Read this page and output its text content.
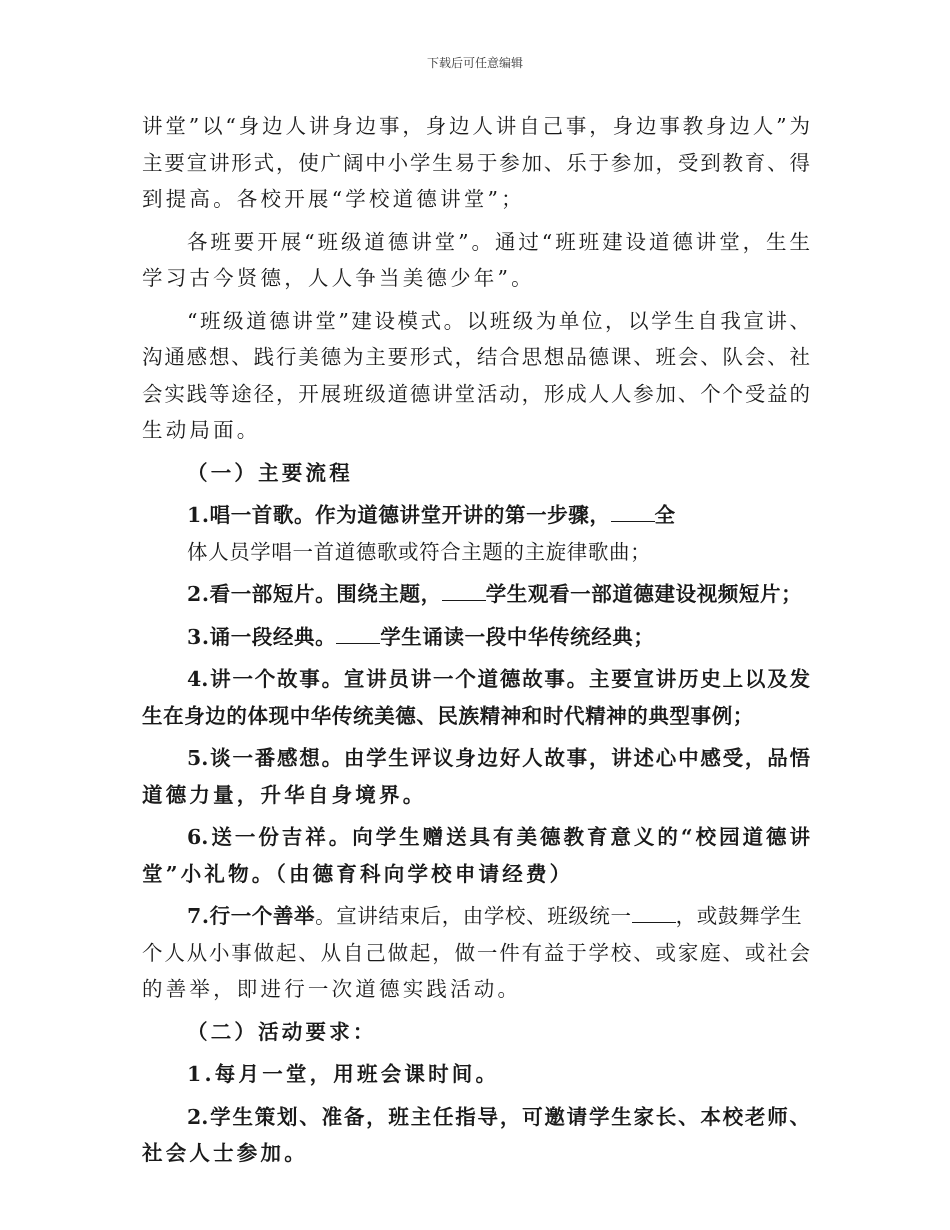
下载后可任意编辑
讲堂”以“身边人讲身边事，身边人讲自己事，身边事教身边人”为
主要宣讲形式，使广阔中小学生易于参加、乐于参加，受到教育、得
到提高。各校开展“学校道德讲堂”；
各班要开展“班级道德讲堂”。通过“班班建设道德讲堂，生生
学习古今贤德，人人争当美德少年”。
“班级道德讲堂”建设模式。以班级为单位，以学生自我宣讲、
沟通感想、践行美德为主要形式，结合思想品德课、班会、队会、社
会实践等途径，开展班级道德讲堂活动，形成人人参加、个个受益的
生动局面。
（一）主要流程
1.唱一首歌。作为道德讲堂开讲的第一步骤， 全
体人员学唱一首道德歌或符合主题的主旋律歌曲；
2.看一部短片。围绕主题， 学生观看一部道德建设视频短片；
3.诵一段经典。 学生诵读一段中华传统经典；
4.讲一个故事。宣讲员讲一个道德故事。主要宣讲历史上以及发
生在身边的体现中华传统美德、民族精神和时代精神的典型事例；
5.谈一番感想。由学生评议身边好人故事，讲述心中感受，品悟
道德力量，升华自身境界。
6.送一份吉祥。向学生赠送具有美德教育意义的“校园道德讲
堂”小礼物。（由德育科向学校申请经费）
7.行一个善举。宣讲结束后，由学校、班级统一 ，或鼓舞学生
个人从小事做起、从自己做起，做一件有益于学校、或家庭、或社会
的善举，即进行一次道德实践活动。
（二）活动要求：
1.每月一堂，用班会课时间。
2.学生策划、准备，班主任指导，可邀请学生家长、本校老师、
社会人士参加。
